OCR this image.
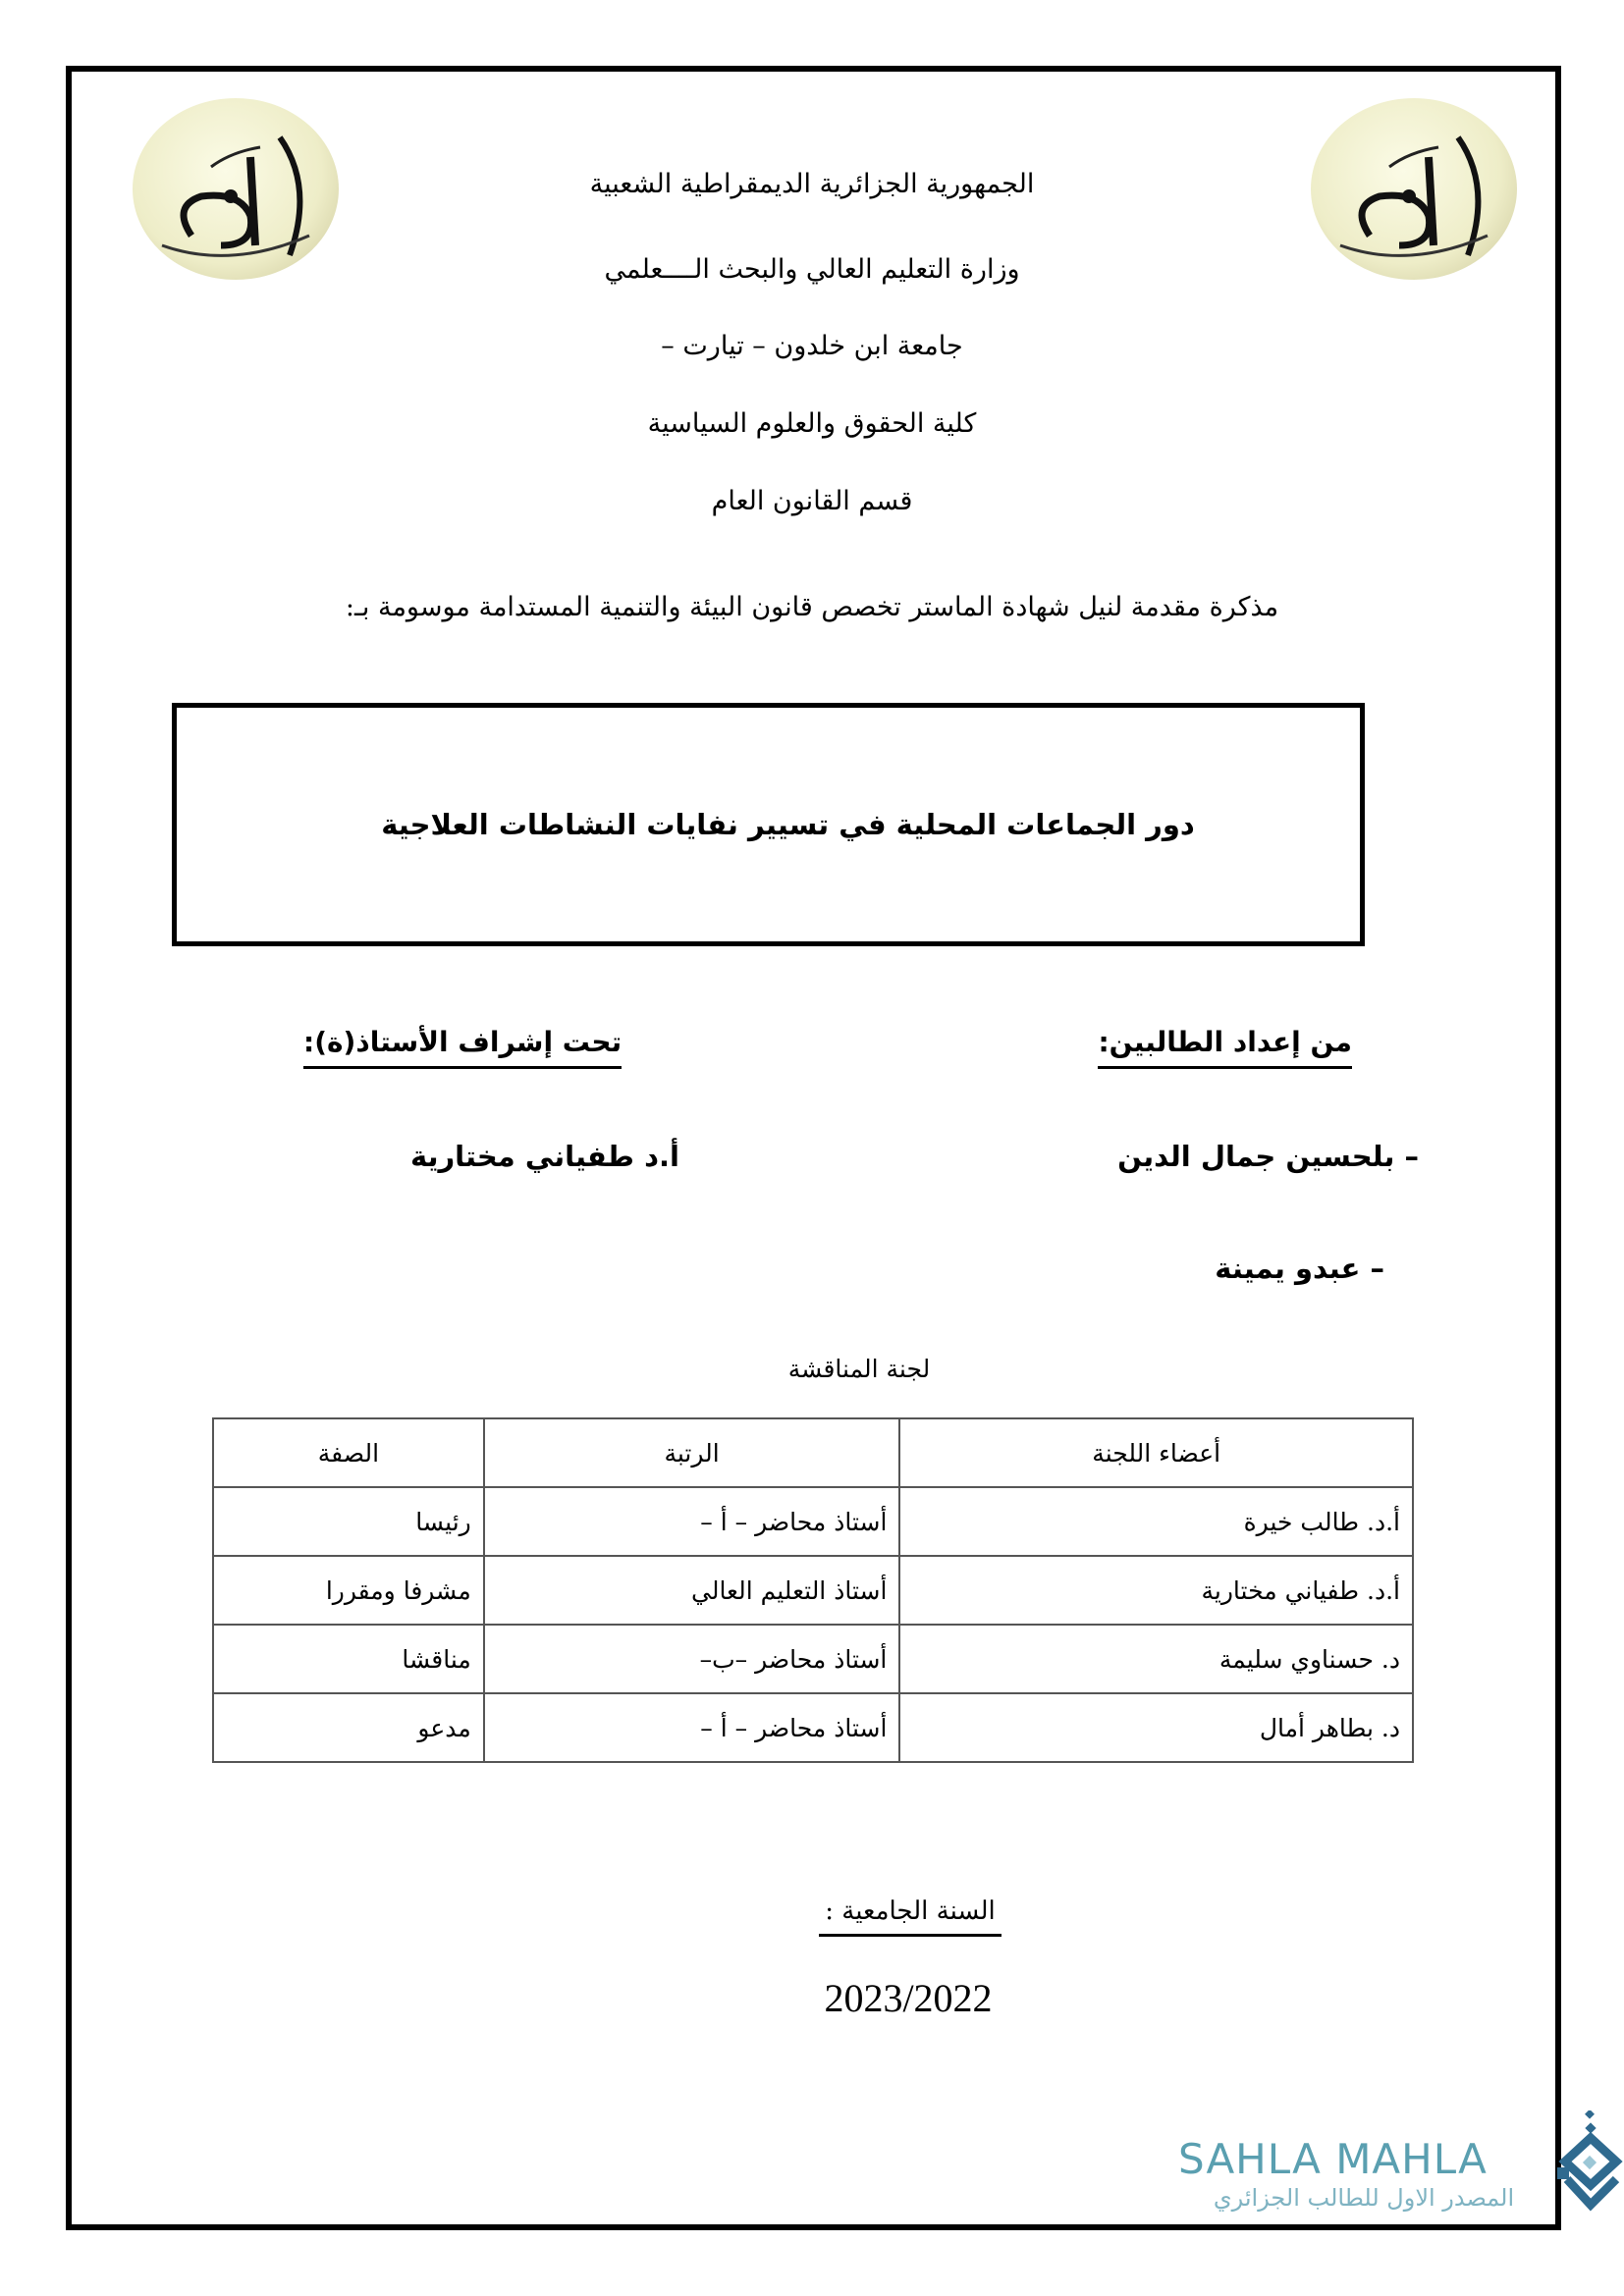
الجمهورية الجزائرية الديمقراطية الشعبية
وزارة التعليم العالي والبحث الــــعلمي
جامعة ابن خلدون – تيارت –
كلية الحقوق والعلوم السياسية
قسم القانون العام
مذكرة مقدمة لنيل شهادة الماستر تخصص قانون البيئة والتنمية المستدامة موسومة بـ:
دور الجماعات المحلية في تسيير نفايات النشاطات العلاجية
من إعداد الطالبين:
– بلحسين جمال الدين
– عبدو يمينة
تحت إشراف الأستاذ(ة):
أ.د طفياني مختارية
لجنة المناقشة
أعضاء اللجنة	الرتبة	الصفة
أ.د. طالب خيرة	أستاذ محاضر – أ –	رئيسا
أ.د. طفياني مختارية	أستاذ التعليم العالي	مشرفا ومقررا
د. حسناوي سليمة	أستاذ محاضر –ب–	مناقشا
د. بطاهر أمال	أستاذ محاضر – أ –	مدعو
السنة الجامعية :
2023/2022
SAHLA MAHLA
المصدر الاول للطالب الجزائري
